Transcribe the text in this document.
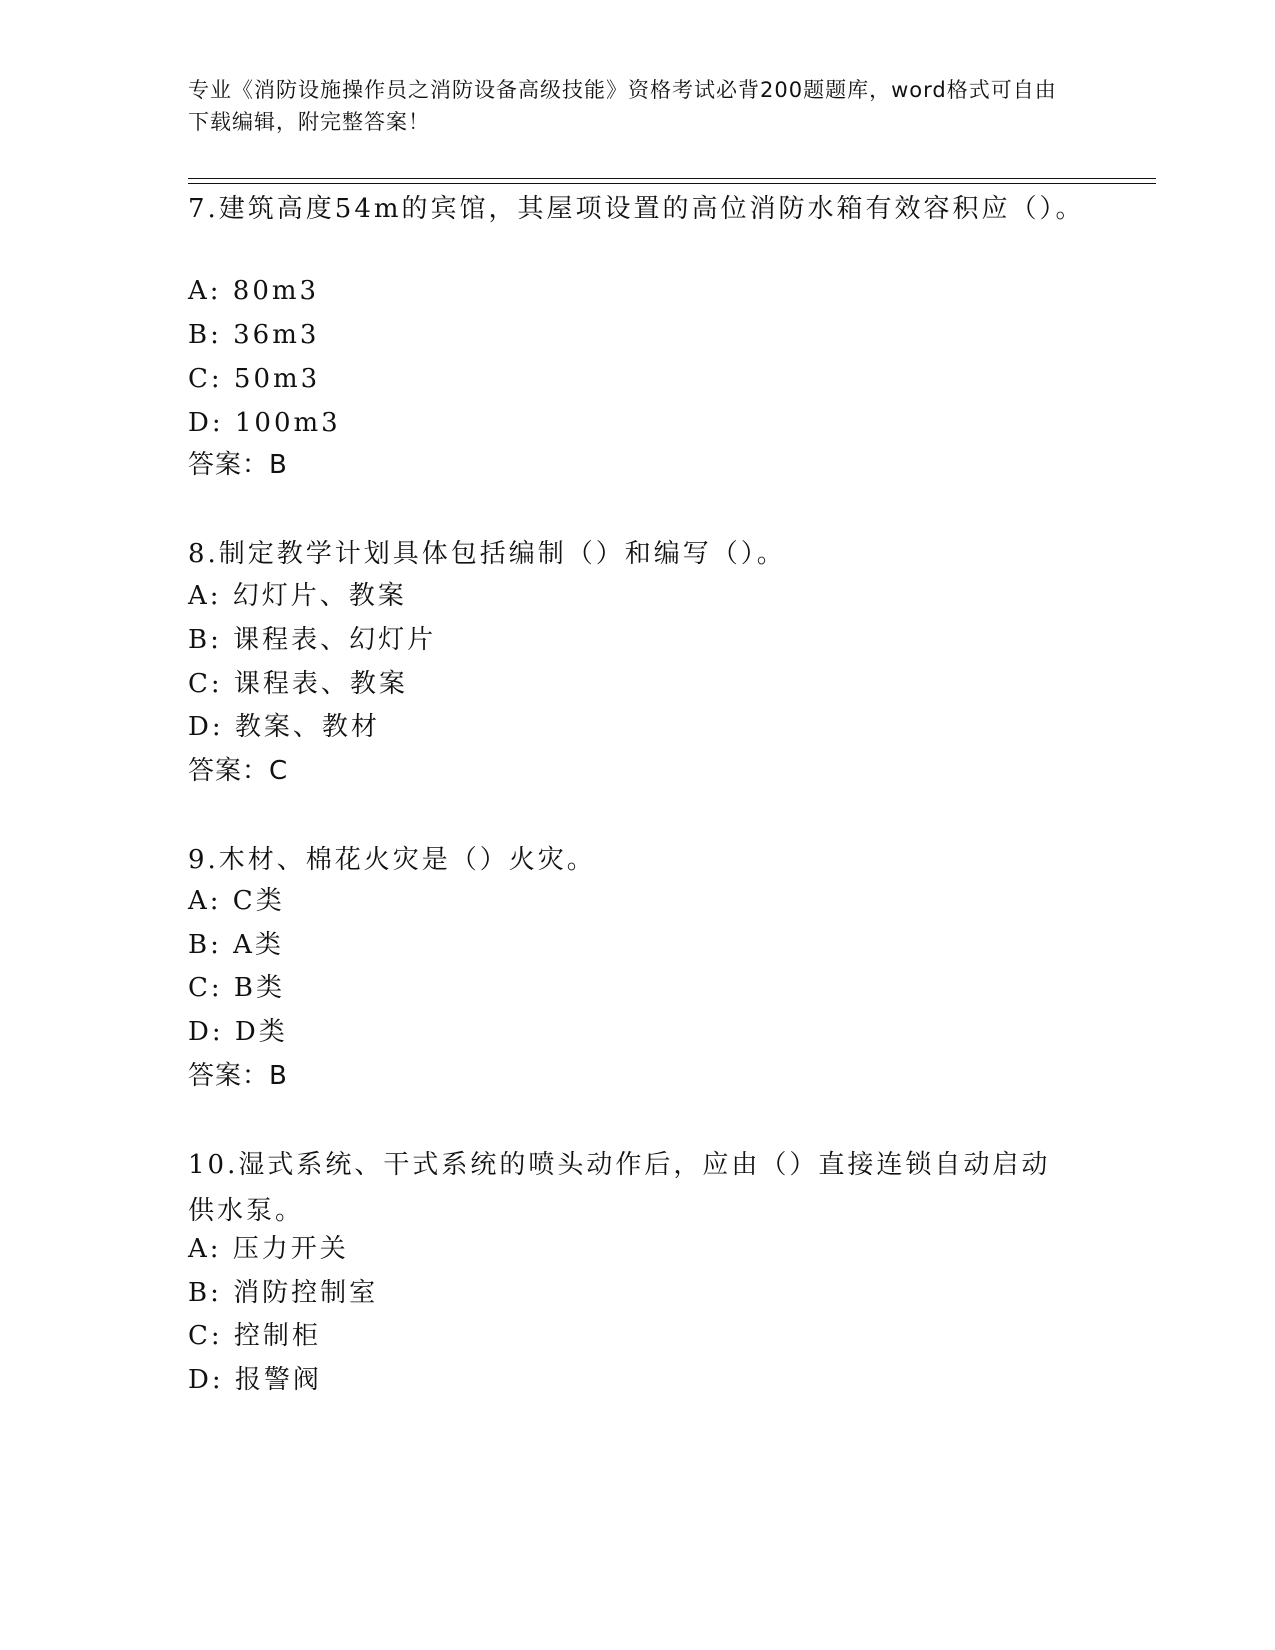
专业《消防设施操作员之消防设备高级技能》资格考试必背200题题库，word格式可自由下载编辑，附完整答案！
7.建筑高度54m的宾馆，其屋项设置的高位消防水箱有效容积应（）。
A: 80m3
B: 36m3
C: 50m3
D: 100m3
答案：B
8.制定教学计划具体包括编制（）和编写（）。
A: 幻灯片、教案
B: 课程表、幻灯片
C: 课程表、教案
D: 教案、教材
答案：C
9.木材、棉花火灾是（）火灾。
A: C类
B: A类
C: B类
D: D类
答案：B
10.湿式系统、干式系统的喷头动作后，应由（）直接连锁自动启动供水泵。
A: 压力开关
B: 消防控制室
C: 控制柜
D: 报警阀
